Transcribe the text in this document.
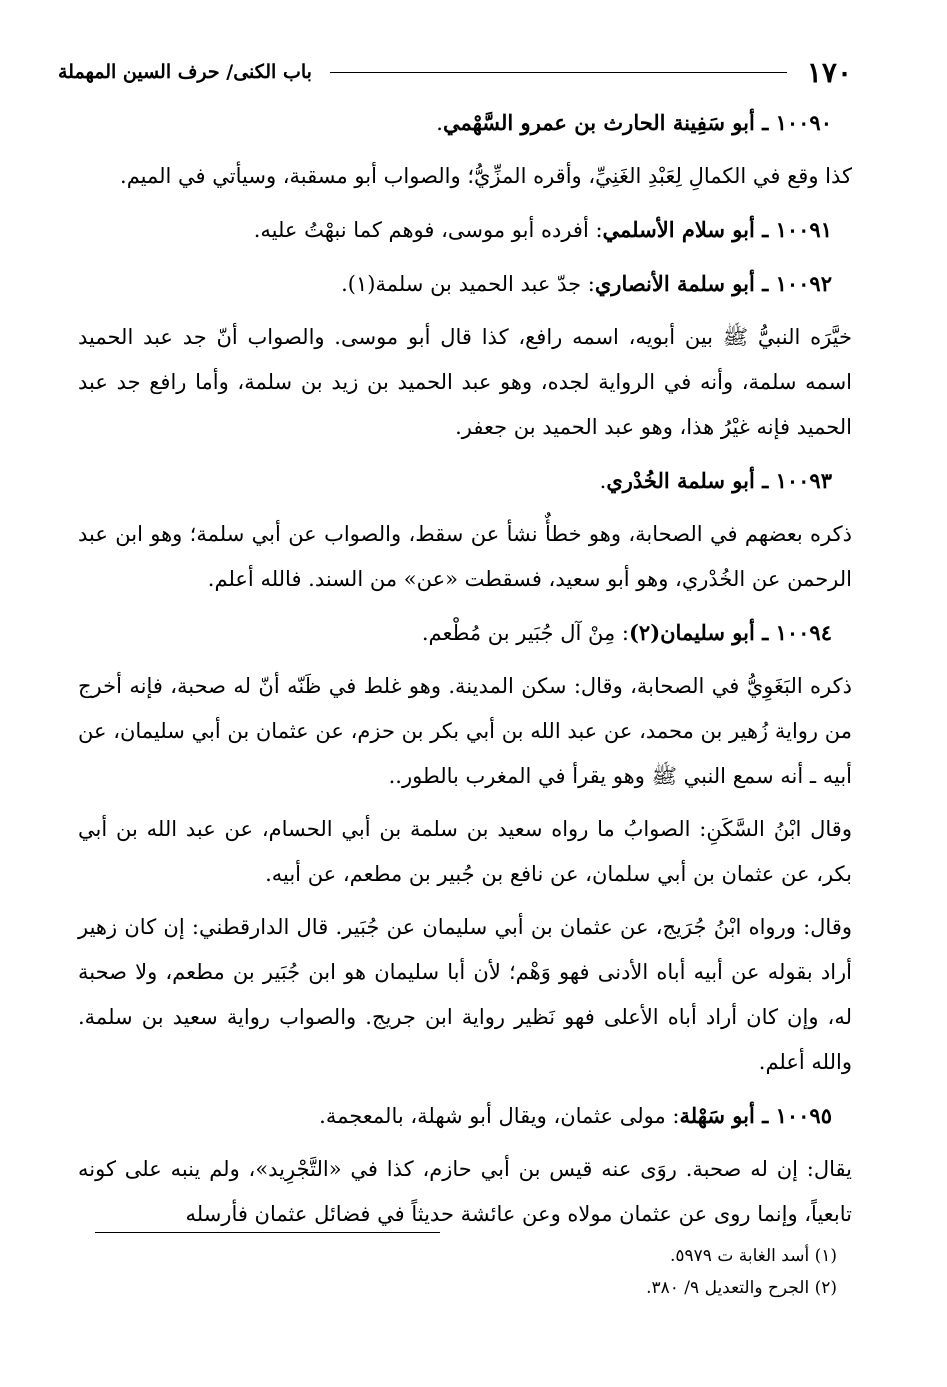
١٧٠
باب الكنى/ حرف السين المهملة

١٠٠٩٠ ـ أبو سَفِينة الحارث بن عمرو السَّهْمي.

كذا وقع في الكمالِ لِعَبْدِ الغَنِيِّ، وأقره المزِّيُّ؛ والصواب أبو مسقبة، وسيأتي في الميم.

١٠٠٩١ ـ أبو سلام الأسلمي: أفرده أبو موسى، فوهم كما نبهْتُ عليه.

١٠٠٩٢ ـ أبو سلمة الأنصاري: جدّ عبد الحميد بن سلمة(١).

خيَّرَه النبيُّ ﷺ بين أبويه، اسمه رافع، كذا قال أبو موسى. والصواب أنّ جد عبد الحميد اسمه سلمة، وأنه في الرواية لجده، وهو عبد الحميد بن زيد بن سلمة، وأما رافع جد عبد الحميد فإنه غيْرُ هذا، وهو عبد الحميد بن جعفر.

١٠٠٩٣ ـ أبو سلمة الخُدْري.

ذكره بعضهم في الصحابة، وهو خطأٌ نشأ عن سقط، والصواب عن أبي سلمة؛ وهو ابن عبد الرحمن عن الخُدْري، وهو أبو سعيد، فسقطت «عن» من السند. فالله أعلم.

١٠٠٩٤ ـ أبو سليمان(٢): مِنْ آل جُبَير بن مُطْعم.

ذكره البَغَوِيُّ في الصحابة، وقال: سكن المدينة. وهو غلط في ظَنّه أنّ له صحبة، فإنه أخرج من رواية زُهير بن محمد، عن عبد الله بن أبي بكر بن حزم، عن عثمان بن أبي سليمان، عن أبيه ـ أنه سمع النبي ﷺ وهو يقرأ في المغرب بالطور..

وقال ابْنُ السَّكَنِ: الصوابُ ما رواه سعيد بن سلمة بن أبي الحسام، عن عبد الله بن أبي بكر، عن عثمان بن أبي سلمان، عن نافع بن جُبير بن مطعم، عن أبيه.

وقال: ورواه ابْنُ جُرَيج، عن عثمان بن أبي سليمان عن جُبَير. قال الدارقطني: إن كان زهير أراد بقوله عن أبيه أباه الأدنى فهو وَهْم؛ لأن أبا سليمان هو ابن جُبَير بن مطعم، ولا صحبة له، وإن كان أراد أباه الأعلى فهو نَظير رواية ابن جريج. والصواب رواية سعيد بن سلمة. والله أعلم.

١٠٠٩٥ ـ أبو سَهْلة: مولى عثمان، ويقال أبو شهلة، بالمعجمة.

يقال: إن له صحبة. روَى عنه قيس بن أبي حازم، كذا في «التَّجْرِيد»، ولم ينبه على كونه تابعياً، وإنما روى عن عثمان مولاه وعن عائشة حديثاً في فضائل عثمان فأرسله

(١) أسد الغابة ت ٥٩٧٩.

(٢) الجرح والتعديل ٩/ ٣٨٠.
